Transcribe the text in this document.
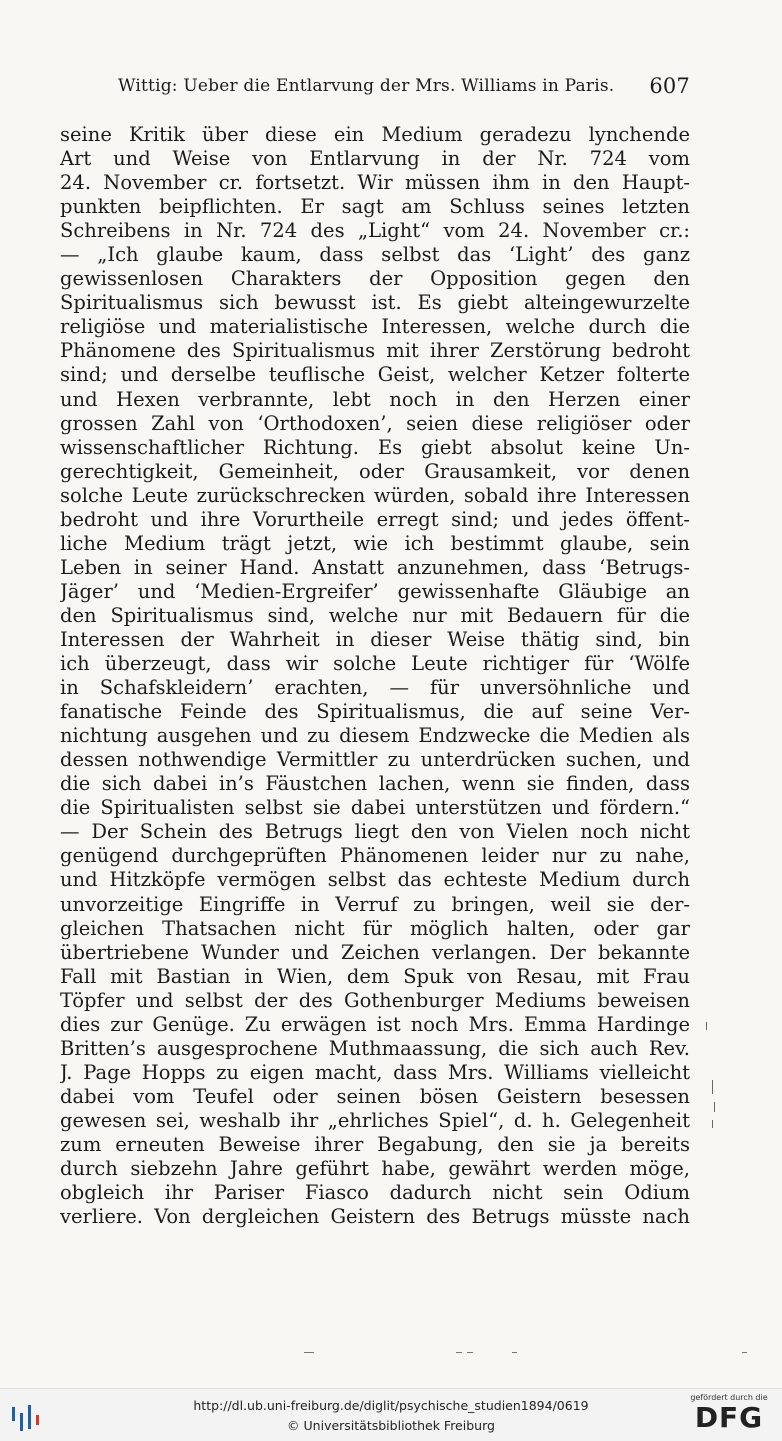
Wittig: Ueber die Entlarvung der Mrs. Williams in Paris. 607
seine Kritik über diese ein Medium geradezu lynchende
Art und Weise von Entlarvung in der Nr. 724 vom
24. November cr. fortsetzt. Wir müssen ihm in den Haupt-
punkten beipflichten. Er sagt am Schluss seines letzten
Schreibens in Nr. 724 des „Light“ vom 24. November cr.:
— „Ich glaube kaum, dass selbst das ‘Light’ des ganz
gewissenlosen Charakters der Opposition gegen den
Spiritualismus sich bewusst ist. Es giebt alteingewurzelte
religiöse und materialistische Interessen, welche durch die
Phänomene des Spiritualismus mit ihrer Zerstörung bedroht
sind; und derselbe teuflische Geist, welcher Ketzer folterte
und Hexen verbrannte, lebt noch in den Herzen einer
grossen Zahl von ‘Orthodoxen’, seien diese religiöser oder
wissenschaftlicher Richtung. Es giebt absolut keine Un-
gerechtigkeit, Gemeinheit, oder Grausamkeit, vor denen
solche Leute zurückschrecken würden, sobald ihre Interessen
bedroht und ihre Vorurtheile erregt sind; und jedes öffent-
liche Medium trägt jetzt, wie ich bestimmt glaube, sein
Leben in seiner Hand. Anstatt anzunehmen, dass ‘Betrugs-
Jäger’ und ‘Medien-Ergreifer’ gewissenhafte Gläubige an
den Spiritualismus sind, welche nur mit Bedauern für die
Interessen der Wahrheit in dieser Weise thätig sind, bin
ich überzeugt, dass wir solche Leute richtiger für ‘Wölfe
in Schafskleidern’ erachten, — für unversöhnliche und
fanatische Feinde des Spiritualismus, die auf seine Ver-
nichtung ausgehen und zu diesem Endzwecke die Medien als
dessen nothwendige Vermittler zu unterdrücken suchen, und
die sich dabei in’s Fäustchen lachen, wenn sie finden, dass
die Spiritualisten selbst sie dabei unterstützen und fördern.“
— Der Schein des Betrugs liegt den von Vielen noch nicht
genügend durchgeprüften Phänomenen leider nur zu nahe,
und Hitzköpfe vermögen selbst das echteste Medium durch
unvorzeitige Eingriffe in Verruf zu bringen, weil sie der-
gleichen Thatsachen nicht für möglich halten, oder gar
übertriebene Wunder und Zeichen verlangen. Der bekannte
Fall mit Bastian in Wien, dem Spuk von Resau, mit Frau
Töpfer und selbst der des Gothenburger Mediums beweisen
dies zur Genüge. Zu erwägen ist noch Mrs. Emma Hardinge
Britten’s ausgesprochene Muthmaassung, die sich auch Rev.
J. Page Hopps zu eigen macht, dass Mrs. Williams vielleicht
dabei vom Teufel oder seinen bösen Geistern besessen
gewesen sei, weshalb ihr „ehrliches Spiel“, d. h. Gelegenheit
zum erneuten Beweise ihrer Begabung, den sie ja bereits
durch siebzehn Jahre geführt habe, gewährt werden möge,
obgleich ihr Pariser Fiasco dadurch nicht sein Odium
verliere. Von dergleichen Geistern des Betrugs müsste nach
http://dl.ub.uni-freiburg.de/diglit/psychische_studien1894/0619
© Universitätsbibliothek Freiburg
gefördert durch die
DFG
